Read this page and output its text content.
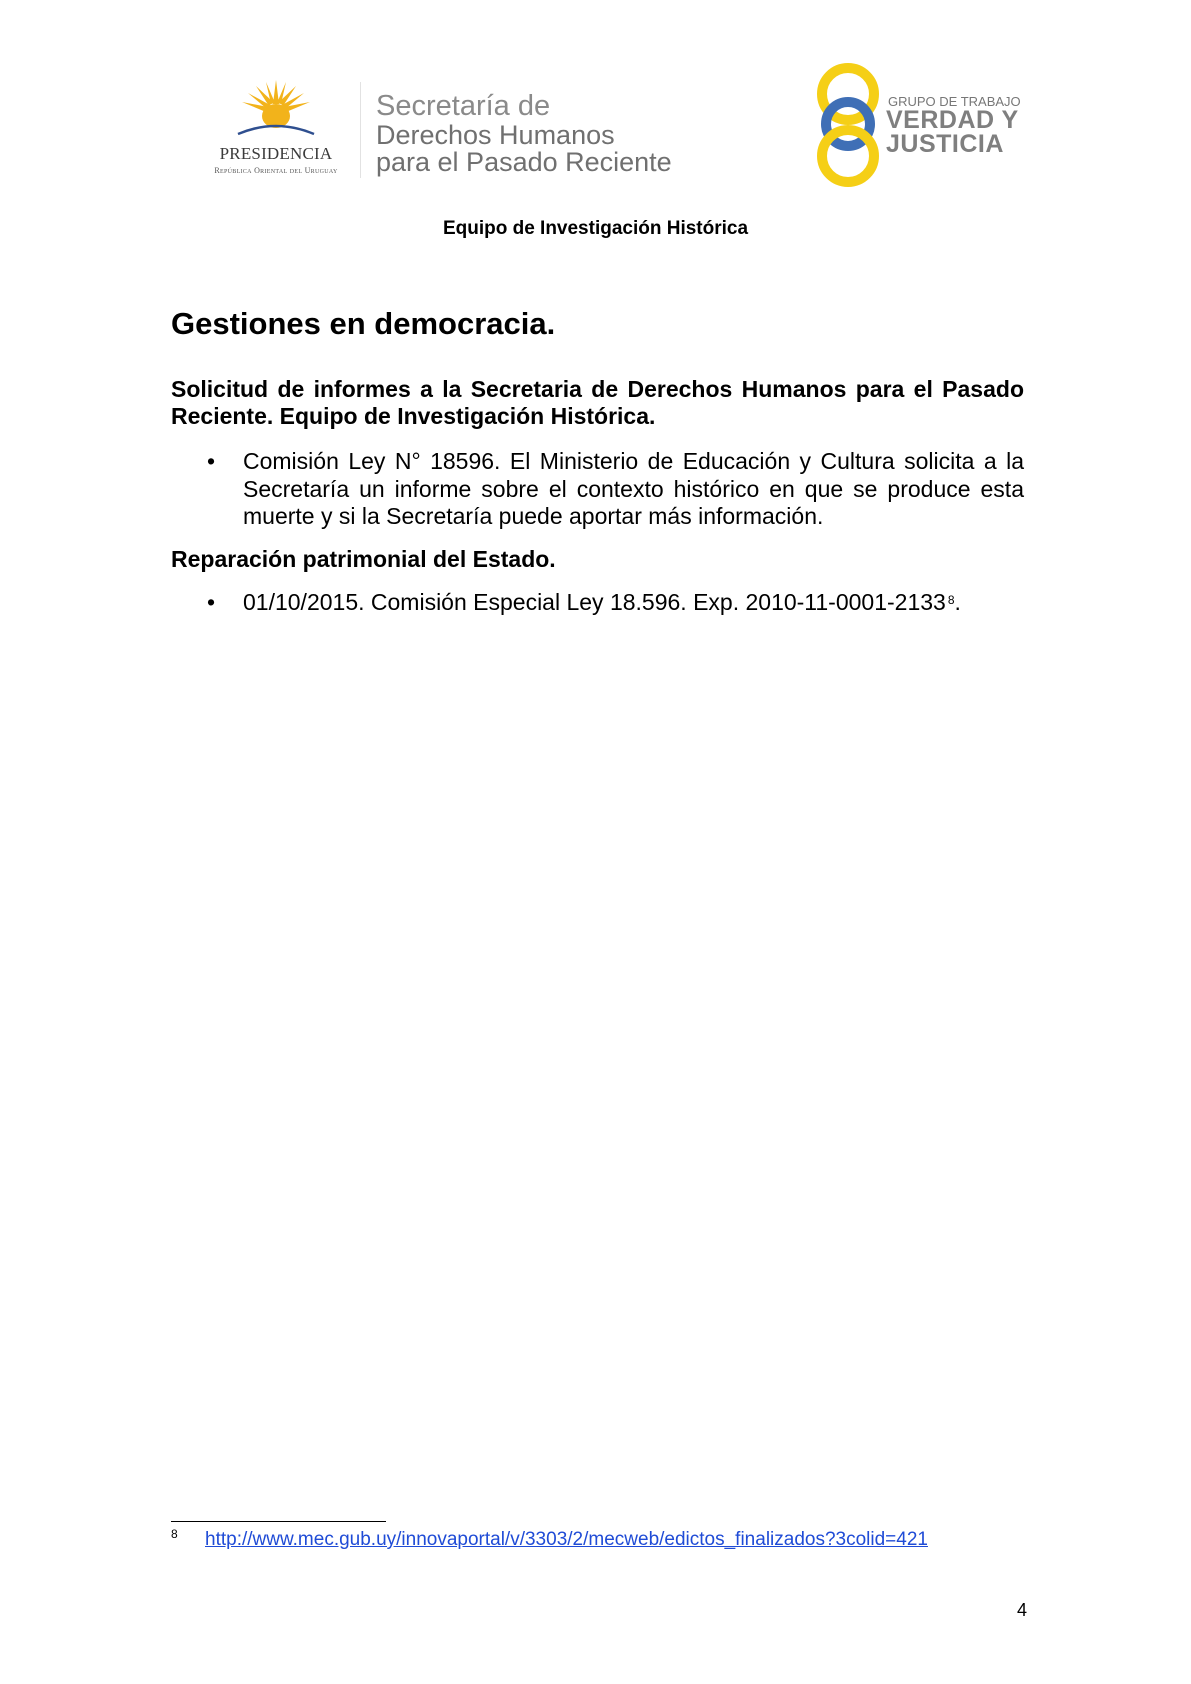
PRESIDENCIA
República Oriental del Uruguay
Secretaría de
Derechos Humanos
para el Pasado Reciente
GRUPO DE TRABAJO
VERDAD Y
JUSTICIA
Equipo de Investigación Histórica
Gestiones en democracia.
Solicitud de informes a la Secretaria de Derechos Humanos para el Pasado Reciente. Equipo de Investigación Histórica.
• Comisión Ley N° 18596. El Ministerio de Educación y Cultura solicita a la Secretaría un informe sobre el contexto histórico en que se produce esta muerte y si la Secretaría puede aportar más información.
Reparación patrimonial del Estado.
• 01/10/2015. Comisión Especial Ley 18.596. Exp. 2010-11-0001-2133 $^8$.
8 http://www.mec.gub.uy/innovaportal/v/3303/2/mecweb/edictos_finalizados?3colid=421
4
